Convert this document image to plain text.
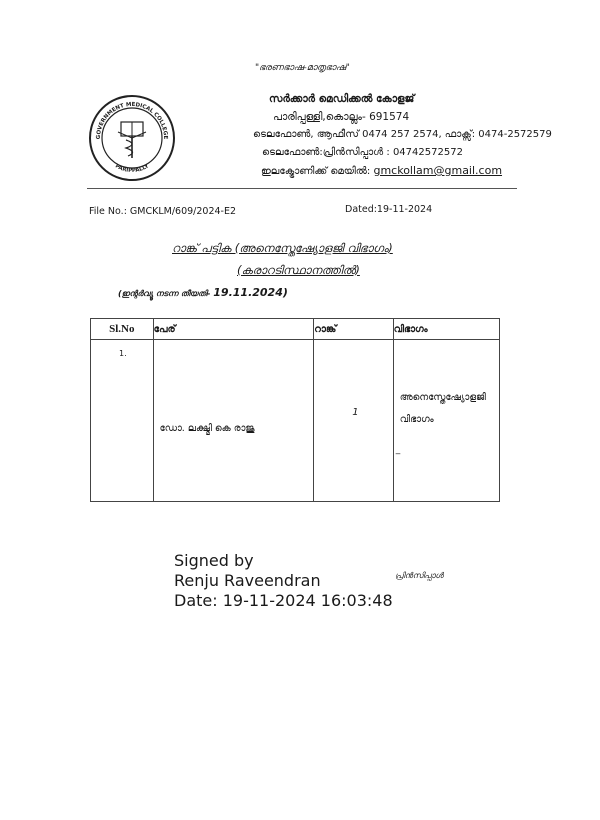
"ഭരണഭാഷ-മാതൃഭാഷ"
GOVERNMENT MEDICAL COLLEGE
PARIPPALLY
സർക്കാർ മെഡിക്കൽ കോളജ്
പാരിപ്പള്ളി,കൊല്ലം- 691574
ടെലഫോൺ, ആഫീസ് 0474 257 2574, ഫാക്സ്: 0474-2572579
ടെലഫോൺ:പ്രിൻസിപ്പാൾ : 04742572572
ഇലക്ട്രോണിക്ക് മെയിൽ: gmckollam@gmail.com
File No.: GMCKLM/609/2024-E2	Dated:19-11-2024
റാങ്ക് പട്ടിക (അനെസ്തേഷ്യോളജി വിഭാഗം)
(കരാറടിസ്ഥാനത്തിൽ)
(ഇന്റർവ്യൂ നടന്ന തീയതി- 19.11.2024)
Sl.No	പേര്	റാങ്ക്	വിഭാഗം

1.	ഡോ. ലക്ഷ്മി കെ രാജു	1	അനെസ്തേഷ്യോളജി വിഭാഗം
_
Signed by
Renju Raveendran
Date: 19-11-2024 16:03:48
പ്രിൻസിപ്പാൾ
